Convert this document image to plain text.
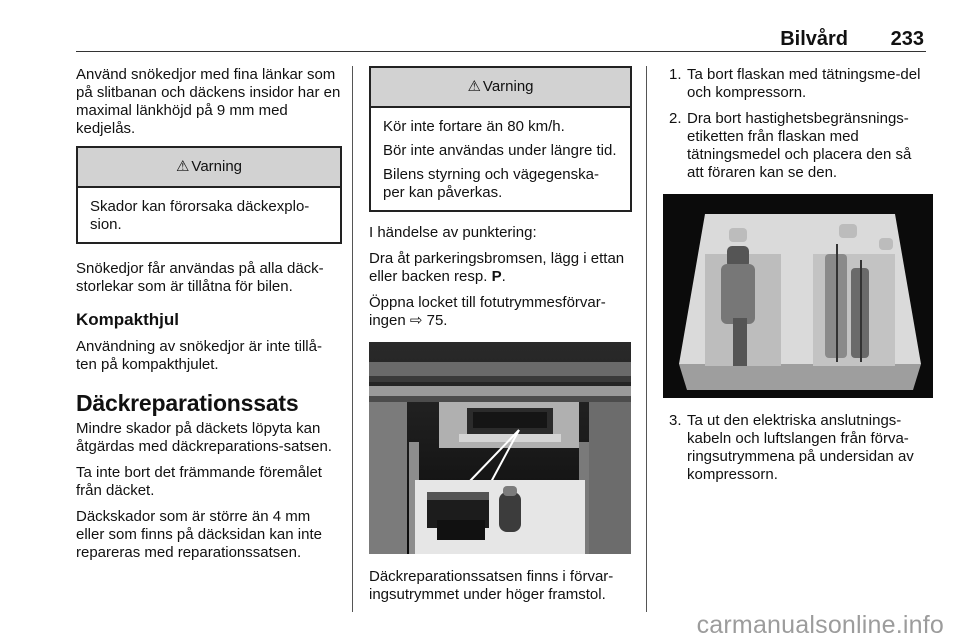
Bilvård 233

Använd snökedjor med fina länkar som på slitbanan och däckens insidor har en maximal länkhöjd på 9 mm med kedjelås.

⚠ Varning

Skador kan förorsaka däckexplo-sion.

Snökedjor får användas på alla däck-storlekar som är tillåtna för bilen.

Kompakthjul

Användning av snökedjor är inte tillå-ten på kompakthjulet.

Däckreparationssats

Mindre skador på däckets löpyta kan åtgärdas med däckreparations-satsen.

Ta inte bort det främmande föremålet från däcket.

Däckskador som är större än 4 mm eller som finns på däcksidan kan inte repareras med reparationssatsen.

⚠ Varning

Kör inte fortare än 80 km/h.

Bör inte användas under längre tid.

Bilens styrning och vägegenska-per kan påverkas.

I händelse av punktering:

Dra åt parkeringsbromsen, lägg i ettan eller backen resp. P.

Öppna locket till fotutrymmesförvar-ingen ⇨ 75.

Däckreparationssatsen finns i förvar-ingsutrymmet under höger framstol.

1. Ta bort flaskan med tätningsme-del och kompressorn.
2. Dra bort hastighetsbegränsnings-etiketten från flaskan med tätningsmedel och placera den så att föraren kan se den.
3. Ta ut den elektriska anslutnings-kabeln och luftslangen från förva-ringsutrymmena på undersidan av kompressorn.
carmanualsonline.info
